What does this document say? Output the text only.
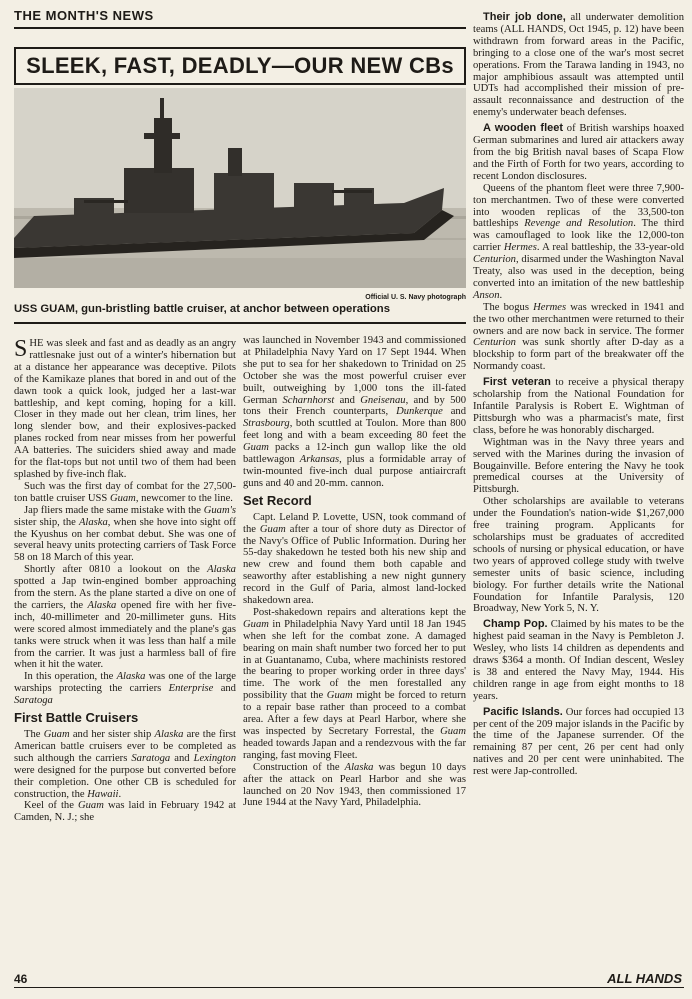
THE MONTH'S NEWS
SLEEK, FAST, DEADLY—OUR NEW CBs
Official U. S. Navy photograph
USS GUAM, gun-bristling battle cruiser, at anchor between operations

SHE was sleek and fast and as deadly as an angry rattlesnake just out of a winter's hibernation but at a distance her appearance was deceptive. Pilots of the Kamikaze planes that bored in and out of the dawn took a quick look, judged her a last-war battleship, and kept coming, hoping for a kill. Closer in they made out her clean, trim lines, her long slender bow, and their explosives-packed planes rocked from near misses from her powerful AA batteries. The suiciders shied away and made for the flat-tops but not until two of them had been splashed by five-inch flak.

Such was the first day of combat for the 27,500-ton battle cruiser USS Guam, newcomer to the line.

Jap fliers made the same mistake with the Guam's sister ship, the Alaska, when she hove into sight off the Kyushus on her combat debut. She was one of several heavy units protecting carriers of Task Force 58 on 18 March of this year.

Shortly after 0810 a lookout on the Alaska spotted a Jap twin-engined bomber approaching from the stern. As the plane started a dive on one of the carriers, the Alaska opened fire with her five-inch, 40-millimeter and 20-millimeter guns. Hits were scored almost immediately and the plane's gas tanks were struck when it was less than half a mile from the carrier. It was just a harmless ball of fire when it hit the water.

In this operation, the Alaska was one of the large warships protecting the carriers Enterprise and Saratoga

First Battle Cruisers

The Guam and her sister ship Alaska are the first American battle cruisers ever to be completed as such although the carriers Saratoga and Lexington were designed for the purpose but converted before their completion. One other CB is scheduled for construction, the Hawaii.

Keel of the Guam was laid in February 1942 at Camden, N. J.; she

was launched in November 1943 and commissioned at Philadelphia Navy Yard on 17 Sept 1944. When she put to sea for her shakedown to Trinidad on 25 October she was the most powerful cruiser ever built, outweighing by 1,000 tons the ill-fated German Scharnhorst and Gneisenau, and by 500 tons their French counterparts, Dunkerque and Strasbourg, both scuttled at Toulon. More than 800 feet long and with a beam exceeding 80 feet the Guam packs a 12-inch gun wallop like the old battlewagon Arkansas, plus a formidable array of twin-mounted five-inch dual purpose antiaircraft guns and 40 and 20-mm. cannon.

Set Record

Capt. Leland P. Lovette, USN, took command of the Guam after a tour of shore duty as Director of the Navy's Office of Public Information. During her 55-day shakedown he tested both his new ship and new crew and found them both capable and seaworthy after establishing a new night gunnery record in the Gulf of Paria, almost land-locked shakedown area.

Post-shakedown repairs and alterations kept the Guam in Philadelphia Navy Yard until 18 Jan 1945 when she left for the combat zone. A damaged bearing on main shaft number two forced her to put in at Guantanamo, Cuba, where machinists restored the bearing to proper working order in three days' time. The work of the men forestalled any possibility that the Guam might be forced to return to a repair base rather than proceed to a combat area. After a few days at Pearl Harbor, where she was inspected by Secretary Forrestal, the Guam headed towards Japan and a rendezvous with the far ranging, fast moving Fleet.

Construction of the Alaska was begun 10 days after the attack on Pearl Harbor and she was launched on 20 Nov 1943, then commissioned 17 June 1944 at the Navy Yard, Philadelphia.

Their job done, all underwater demolition teams (ALL HANDS, Oct 1945, p. 12) have been withdrawn from forward areas in the Pacific, bringing to a close one of the war's most secret operations. From the Tarawa landing in 1943, no major amphibious assault was attempted until UDTs had accomplished their mission of pre-assault reconnaissance and destruction of the enemy's underwater beach defenses.

A wooden fleet of British warships hoaxed German submarines and lured air attackers away from the big British naval bases of Scapa Flow and the Firth of Forth for two years, according to recent London disclosures.

Queens of the phantom fleet were three 7,900-ton merchantmen. Two of these were converted into wooden replicas of the 33,500-ton battleships Revenge and Resolution. The third was camouflaged to look like the 12,000-ton carrier Hermes. A real battleship, the 33-year-old Centurion, disarmed under the Washington Naval Treaty, also was used in the deception, being converted into an imitation of the new battleship Anson.

The bogus Hermes was wrecked in 1941 and the two other merchantmen were returned to their owners and are now back in service. The former Centurion was sunk shortly after D-day as a blockship to form part of the breakwater off the Normandy coast.

First veteran to receive a physical therapy scholarship from the National Foundation for Infantile Paralysis is Robert E. Wightman of Pittsburgh who was a pharmacist's mate, first class, before he was honorably discharged.

Wightman was in the Navy three years and served with the Marines during the invasion of Bougainville. Before entering the Navy he took premedical courses at the University of Pittsburgh.

Other scholarships are available to veterans under the Foundation's nation-wide $1,267,000 free training program. Applicants for scholarships must be graduates of accredited schools of nursing or physical education, or have two years of approved college study with twelve semester units of basic science, including biology. For further details write the National Foundation for Infantile Paralysis, 120 Broadway, New York 5, N. Y.

Champ Pop. Claimed by his mates to be the highest paid seaman in the Navy is Pembleton J. Wesley, who lists 14 children as dependents and draws $364 a month. Of Indian descent, Wesley is 38 and entered the Navy May, 1944. His children range in age from eight months to 18 years.

Pacific Islands. Our forces had occupied 13 per cent of the 209 major islands in the Pacific by the time of the Japanese surrender. Of the remaining 87 per cent, 26 per cent had only natives and 20 per cent were uninhabited. The rest were Jap-controlled.

46	ALL HANDS
